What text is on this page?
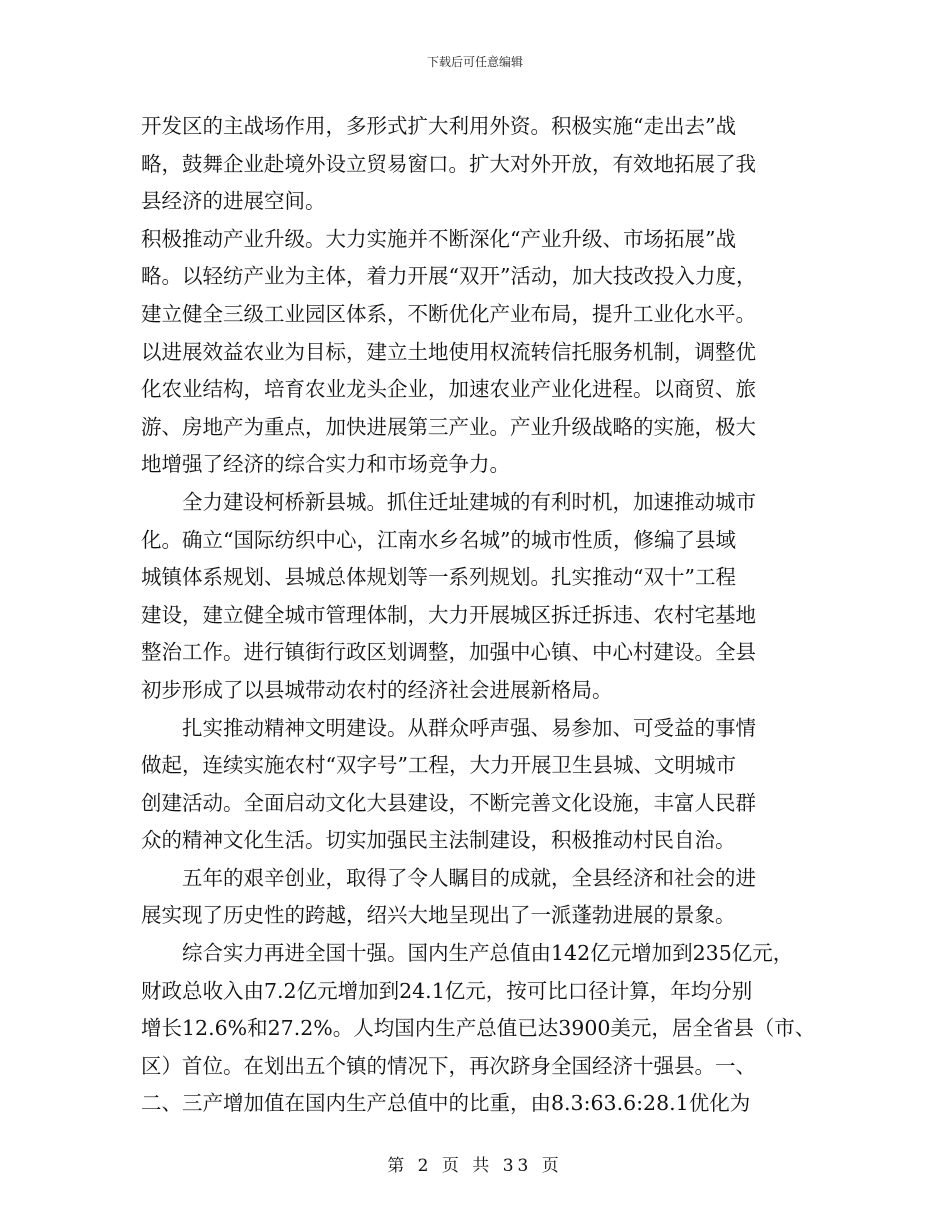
下载后可任意编辑
开发区的主战场作用，多形式扩大利用外资。积极实施“走出去”战
略，鼓舞企业赴境外设立贸易窗口。扩大对外开放，有效地拓展了我
县经济的进展空间。
积极推动产业升级。大力实施并不断深化“产业升级、市场拓展”战
略。以轻纺产业为主体，着力开展“双开”活动，加大技改投入力度，
建立健全三级工业园区体系，不断优化产业布局，提升工业化水平。
以进展效益农业为目标，建立土地使用权流转信托服务机制，调整优
化农业结构，培育农业龙头企业，加速农业产业化进程。以商贸、旅
游、房地产为重点，加快进展第三产业。产业升级战略的实施，极大
地增强了经济的综合实力和市场竞争力。
　　全力建设柯桥新县城。抓住迁址建城的有利时机，加速推动城市
化。确立“国际纺织中心，江南水乡名城”的城市性质，修编了县域
城镇体系规划、县城总体规划等一系列规划。扎实推动“双十”工程
建设，建立健全城市管理体制，大力开展城区拆迁拆违、农村宅基地
整治工作。进行镇街行政区划调整，加强中心镇、中心村建设。全县
初步形成了以县城带动农村的经济社会进展新格局。
　　扎实推动精神文明建设。从群众呼声强、易参加、可受益的事情
做起，连续实施农村“双字号”工程，大力开展卫生县城、文明城市
创建活动。全面启动文化大县建设，不断完善文化设施，丰富人民群
众的精神文化生活。切实加强民主法制建设，积极推动村民自治。
　　五年的艰辛创业，取得了令人瞩目的成就，全县经济和社会的进
展实现了历史性的跨越，绍兴大地呈现出了一派蓬勃进展的景象。
　　综合实力再进全国十强。国内生产总值由142亿元增加到235亿元，
财政总收入由7.2亿元增加到24.1亿元，按可比口径计算，年均分别
增长12.6%和27.2%。人均国内生产总值已达3900美元，居全省县（市、
区）首位。在划出五个镇的情况下，再次跻身全国经济十强县。一、
二、三产增加值在国内生产总值中的比重，由8.3:63.6:28.1优化为
第 2 页 共 33 页
